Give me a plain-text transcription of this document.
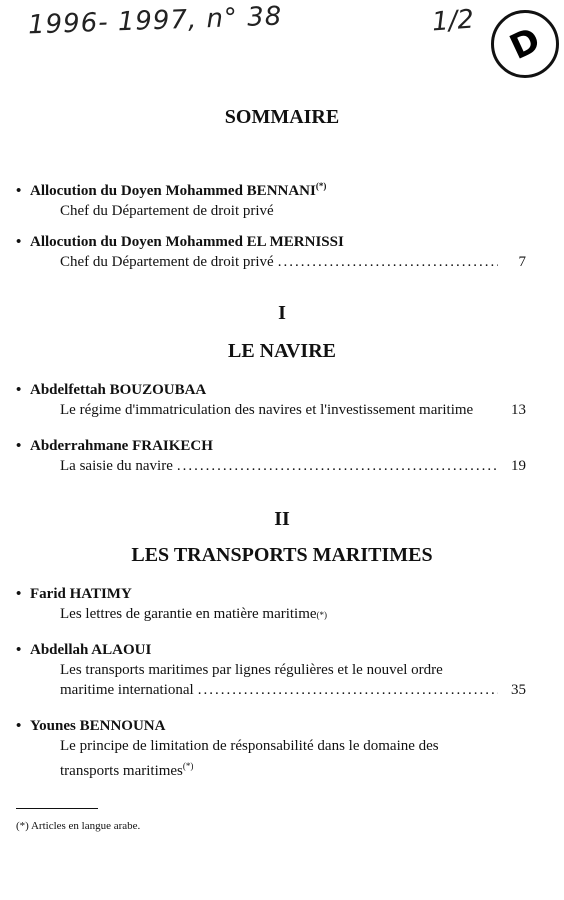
1996- 1997, n° 38	1/2 D
SOMMAIRE
• Allocution du Doyen Mohammed BENNANI(*)
Chef du Département de droit privé
• Allocution du Doyen Mohammed EL MERNISSI
Chef du Département de droit privé .....	7
I
LE NAVIRE
• Abdelfettah BOUZOUBAA
Le régime d'immatriculation des navires et l'investissement maritime	13
• Abderrahmane FRAIKECH
La saisie du navire .....	19
II
LES TRANSPORTS MARITIMES
• Farid HATIMY
Les lettres de garantie en matière maritime (*)
• Abdellah ALAOUI
Les transports maritimes par lignes régulières et le nouvel ordre
maritime international .....	35
• Younes BENNOUNA
Le principe de limitation de résponsabilité dans le domaine des
transports maritimes(*)
(*) Articles en langue arabe.
